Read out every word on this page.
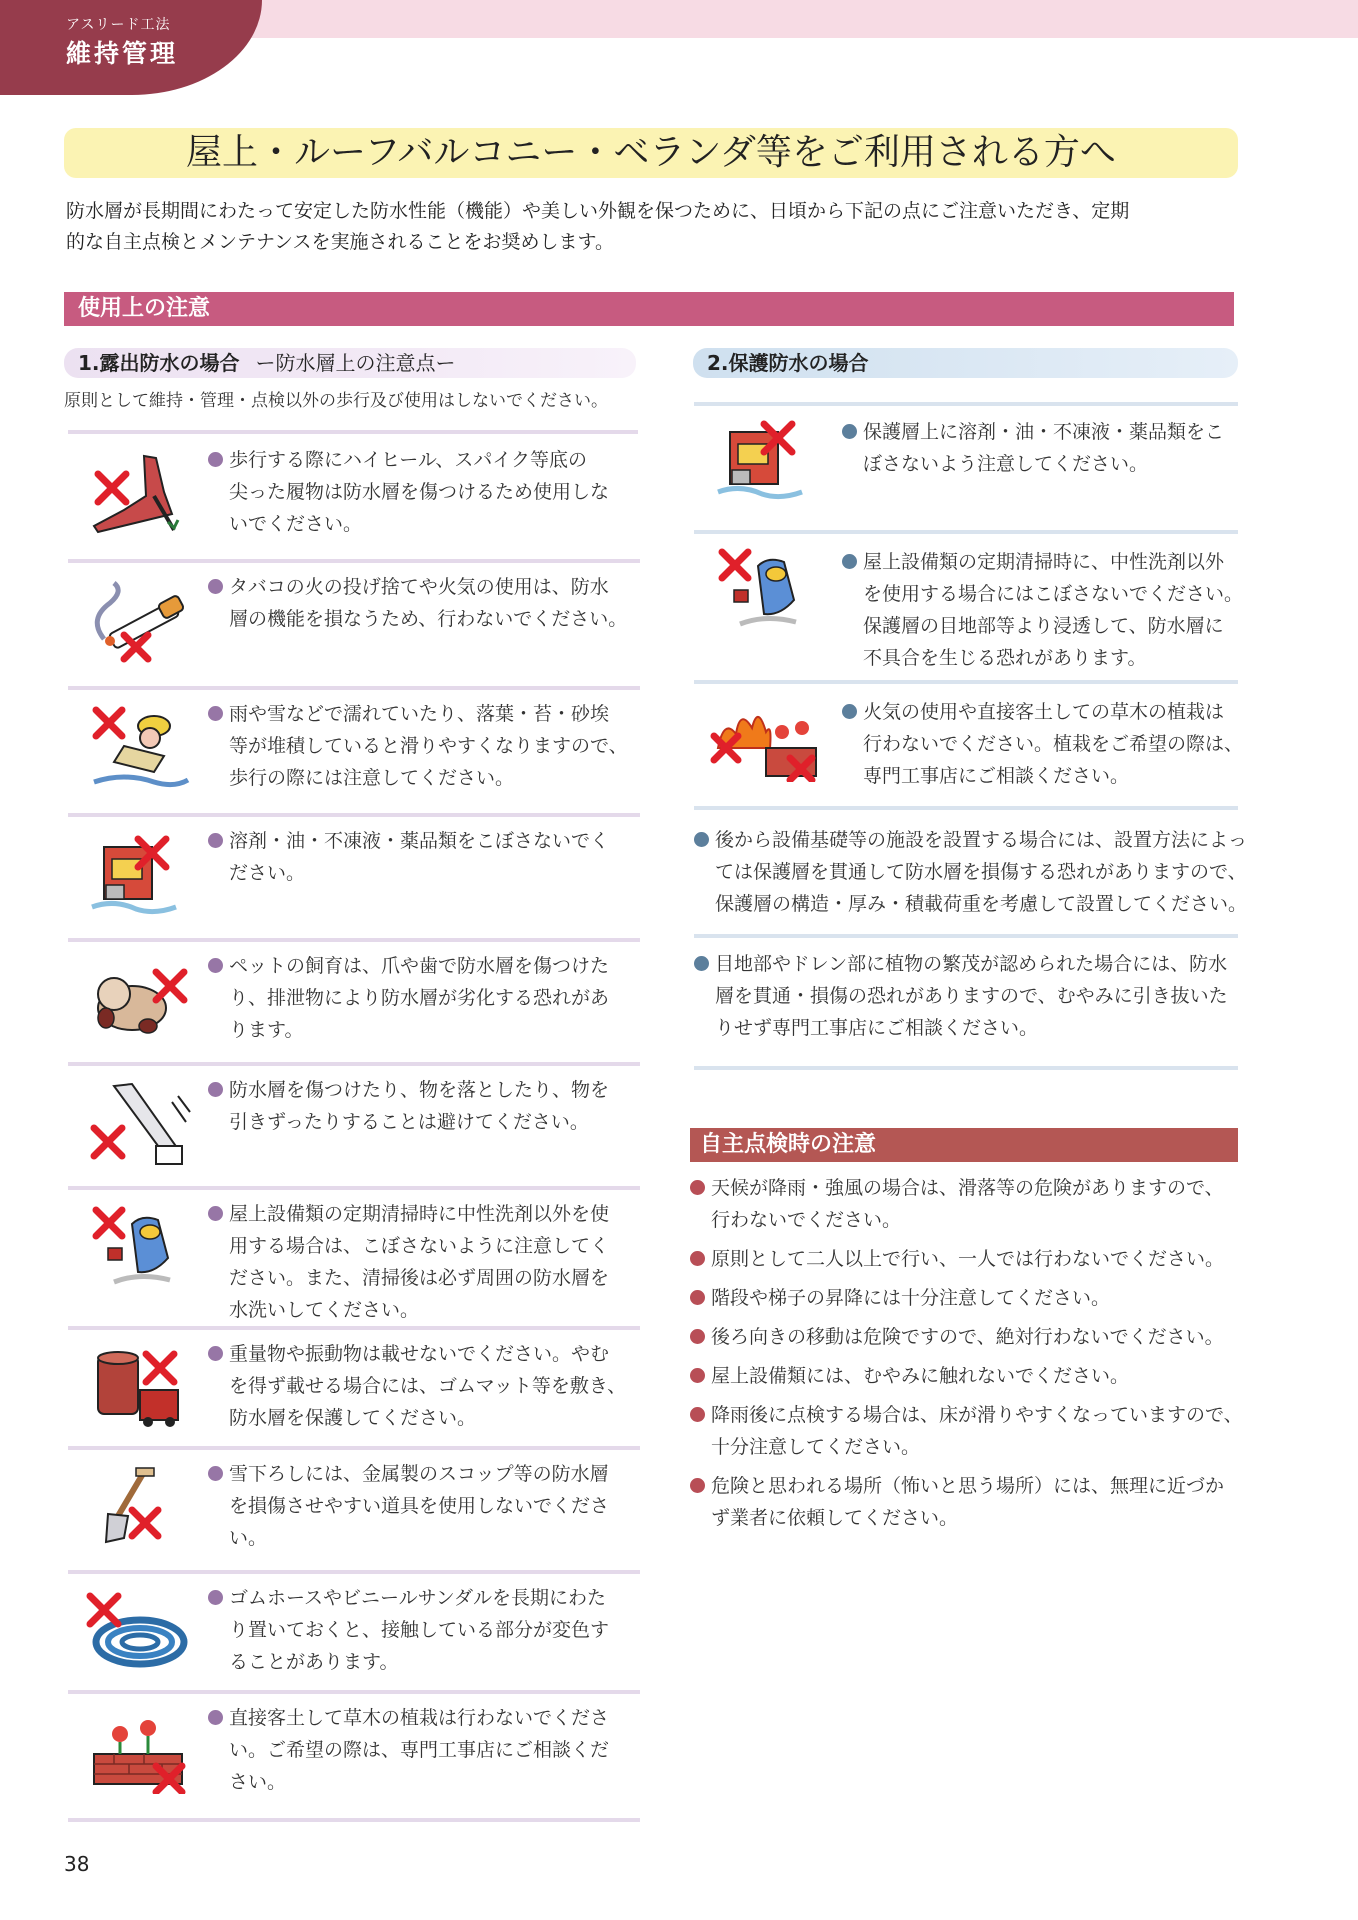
アスリード工法
維持管理
屋上・ルーフバルコニー・ベランダ等をご利用される方へ
防水層が長期間にわたって安定した防水性能（機能）や美しい外観を保つために、日頃から下記の点にご注意いただき、定期
的な自主点検とメンテナンスを実施されることをお奨めします。
使用上の注意
1.露出防水の場合 ー防水層上の注意点ー	2.保護防水の場合
原則として維持・管理・点検以外の歩行及び使用はしないでください。
歩行する際にハイヒール、スパイク等底の
尖った履物は防水層を傷つけるため使用しな
いでください。
タバコの火の投げ捨てや火気の使用は、防水
層の機能を損なうため、行わないでください。
雨や雪などで濡れていたり、落葉・苔・砂埃
等が堆積していると滑りやすくなりますので、
歩行の際には注意してください。
溶剤・油・不凍液・薬品類をこぼさないでく
ださい。
ペットの飼育は、爪や歯で防水層を傷つけた
り、排泄物により防水層が劣化する恐れがあ
ります。
防水層を傷つけたり、物を落としたり、物を
引きずったりすることは避けてください。
屋上設備類の定期清掃時に中性洗剤以外を使
用する場合は、こぼさないように注意してく
ださい。また、清掃後は必ず周囲の防水層を
水洗いしてください。
重量物や振動物は載せないでください。やむ
を得ず載せる場合には、ゴムマット等を敷き、
防水層を保護してください。
雪下ろしには、金属製のスコップ等の防水層
を損傷させやすい道具を使用しないでくださ
い。
ゴムホースやビニールサンダルを長期にわた
り置いておくと、接触している部分が変色す
ることがあります。
直接客土して草木の植栽は行わないでくださ
い。ご希望の際は、専門工事店にご相談くだ
さい。
保護層上に溶剤・油・不凍液・薬品類をこ
ぼさないよう注意してください。
屋上設備類の定期清掃時に、中性洗剤以外
を使用する場合にはこぼさないでください。
保護層の目地部等より浸透して、防水層に
不具合を生じる恐れがあります。
火気の使用や直接客土しての草木の植栽は
行わないでください。植栽をご希望の際は、
専門工事店にご相談ください。
後から設備基礎等の施設を設置する場合には、設置方法によっ
ては保護層を貫通して防水層を損傷する恐れがありますので、
保護層の構造・厚み・積載荷重を考慮して設置してください。
目地部やドレン部に植物の繁茂が認められた場合には、防水
層を貫通・損傷の恐れがありますので、むやみに引き抜いた
りせず専門工事店にご相談ください。
自主点検時の注意
天候が降雨・強風の場合は、滑落等の危険がありますので、
行わないでください。
原則として二人以上で行い、一人では行わないでください。
階段や梯子の昇降には十分注意してください。
後ろ向きの移動は危険ですので、絶対行わないでください。
屋上設備類には、むやみに触れないでください。
降雨後に点検する場合は、床が滑りやすくなっていますので、
十分注意してください。
危険と思われる場所（怖いと思う場所）には、無理に近づか
ず業者に依頼してください。
38
